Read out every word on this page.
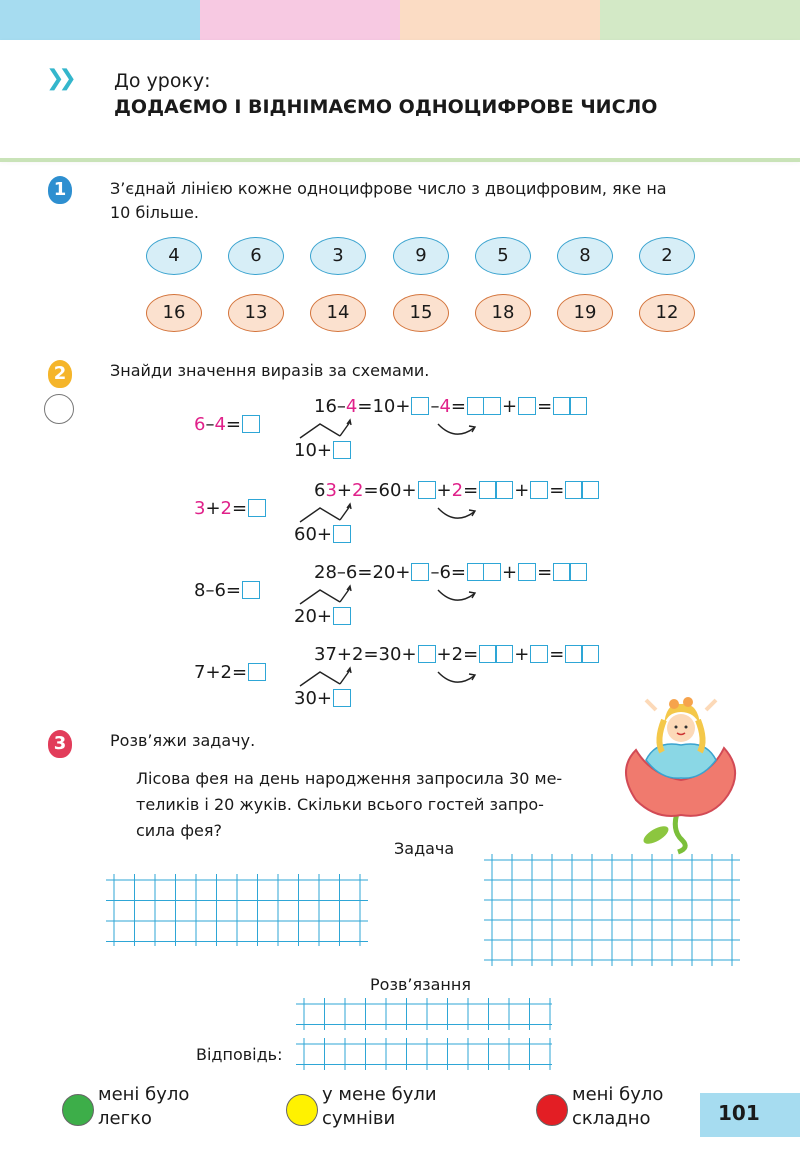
❯❯ До уроку:
ДОДАЄМО І ВІДНІМАЄМО ОДНОЦИФРОВЕ ЧИСЛО
1	З’єднай лінією кожне одноцифрове число з двоцифровим, яке на
10 більше.
4	6	3	9	5	8	2
16	13	14	15	18	19	12
2	Знайди значення виразів за схемами.
6–4=
16–4=10+ –4= + =
10+
3+2=
63+2=60+ +2= + =
60+
8–6=
28–6=20+ –6= + =
20+
7+2=
37+2=30+ +2= + =
30+
3	Розв’яжи задачу.
Лісова фея на день народження запросила 30 ме-
теликів і 20 жуків. Скільки всього гостей запро-
сила фея?
Задача
Розв’язання
Відповідь:
мені було
легко
у мене були
сумніви
мені було
складно	101
